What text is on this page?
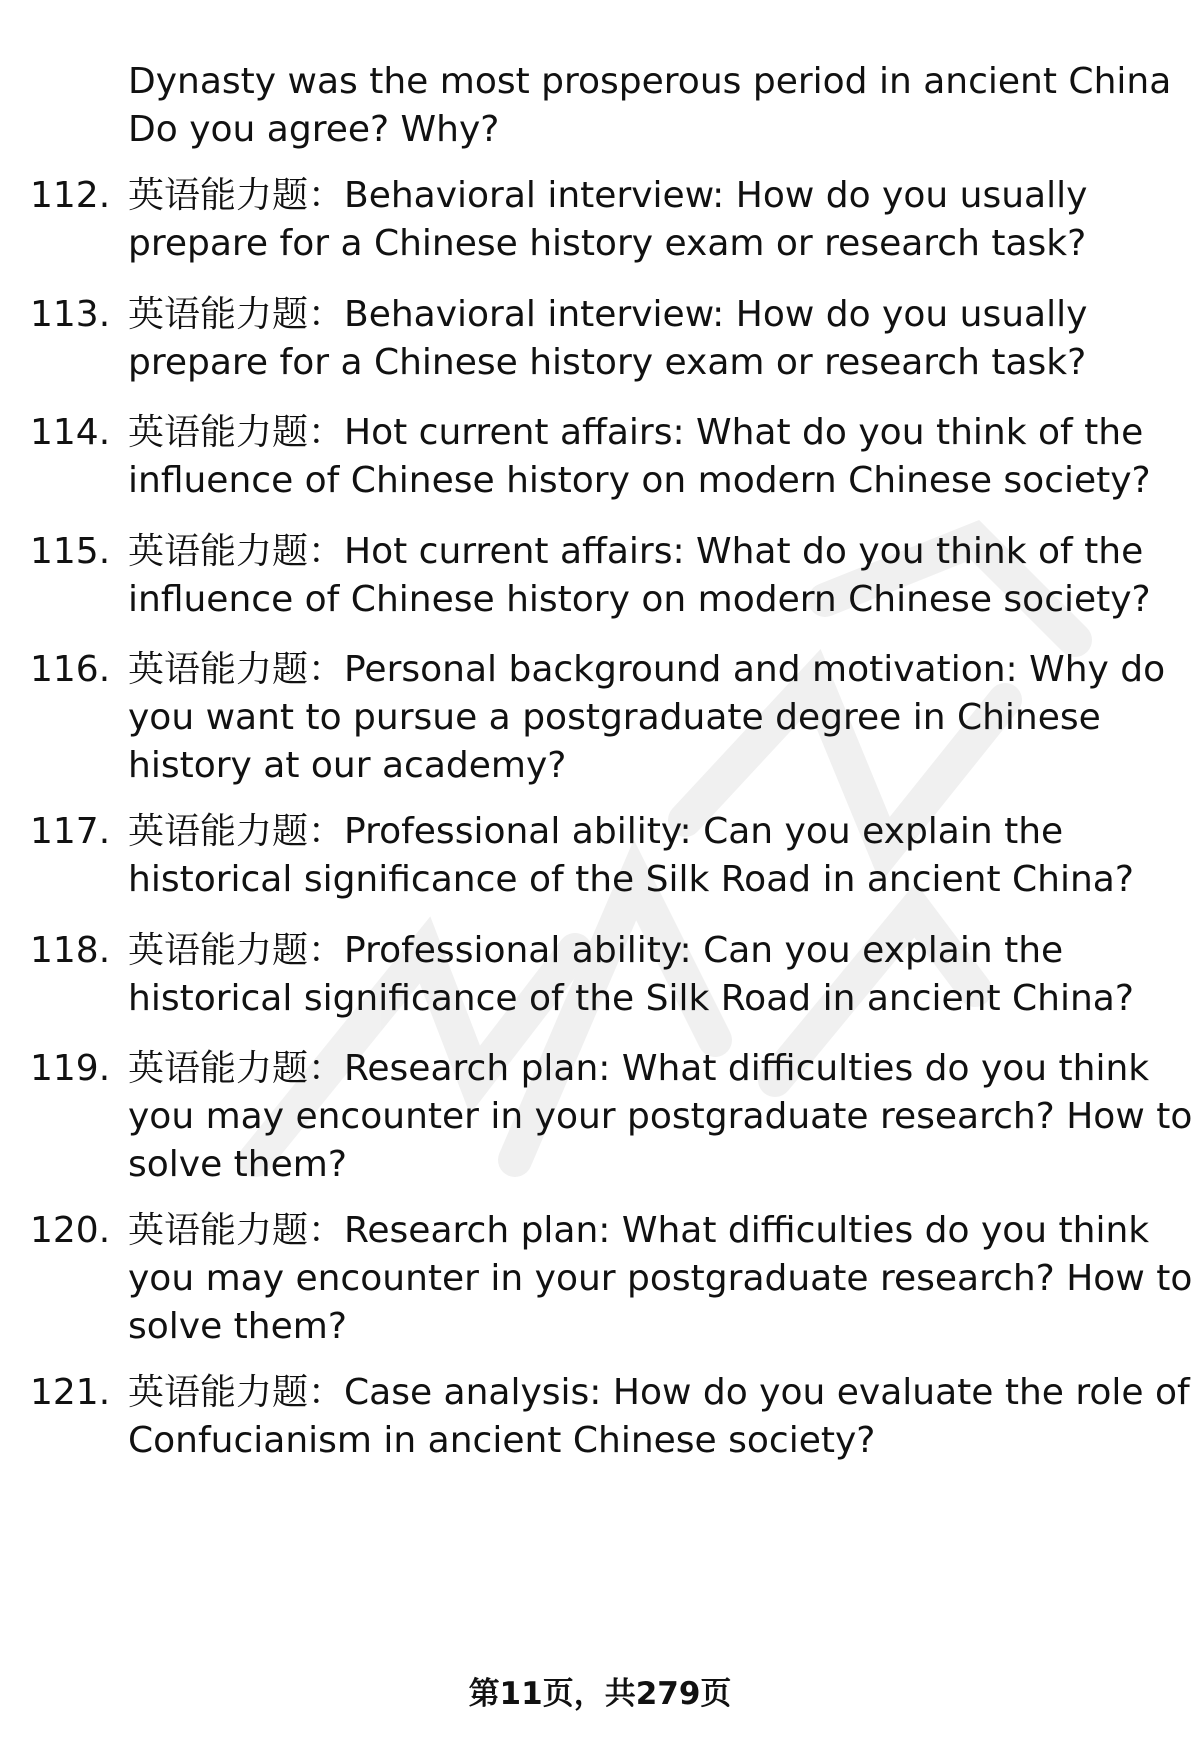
Dynasty was the most prosperous period in ancient China
Do you agree? Why?
112. 英语能力题：Behavioral interview: How do you usually
prepare for a Chinese history exam or research task?
113. 英语能力题：Behavioral interview: How do you usually
prepare for a Chinese history exam or research task?
114. 英语能力题：Hot current affairs: What do you think of the
influence of Chinese history on modern Chinese society?
115. 英语能力题：Hot current affairs: What do you think of the
influence of Chinese history on modern Chinese society?
116. 英语能力题：Personal background and motivation: Why do
you want to pursue a postgraduate degree in Chinese
history at our academy?
117. 英语能力题：Professional ability: Can you explain the
historical significance of the Silk Road in ancient China?
118. 英语能力题：Professional ability: Can you explain the
historical significance of the Silk Road in ancient China?
119. 英语能力题：Research plan: What difficulties do you think
you may encounter in your postgraduate research? How to
solve them?
120. 英语能力题：Research plan: What difficulties do you think
you may encounter in your postgraduate research? How to
solve them?
121. 英语能力题：Case analysis: How do you evaluate the role of
Confucianism in ancient Chinese society?
第11页，共279页
